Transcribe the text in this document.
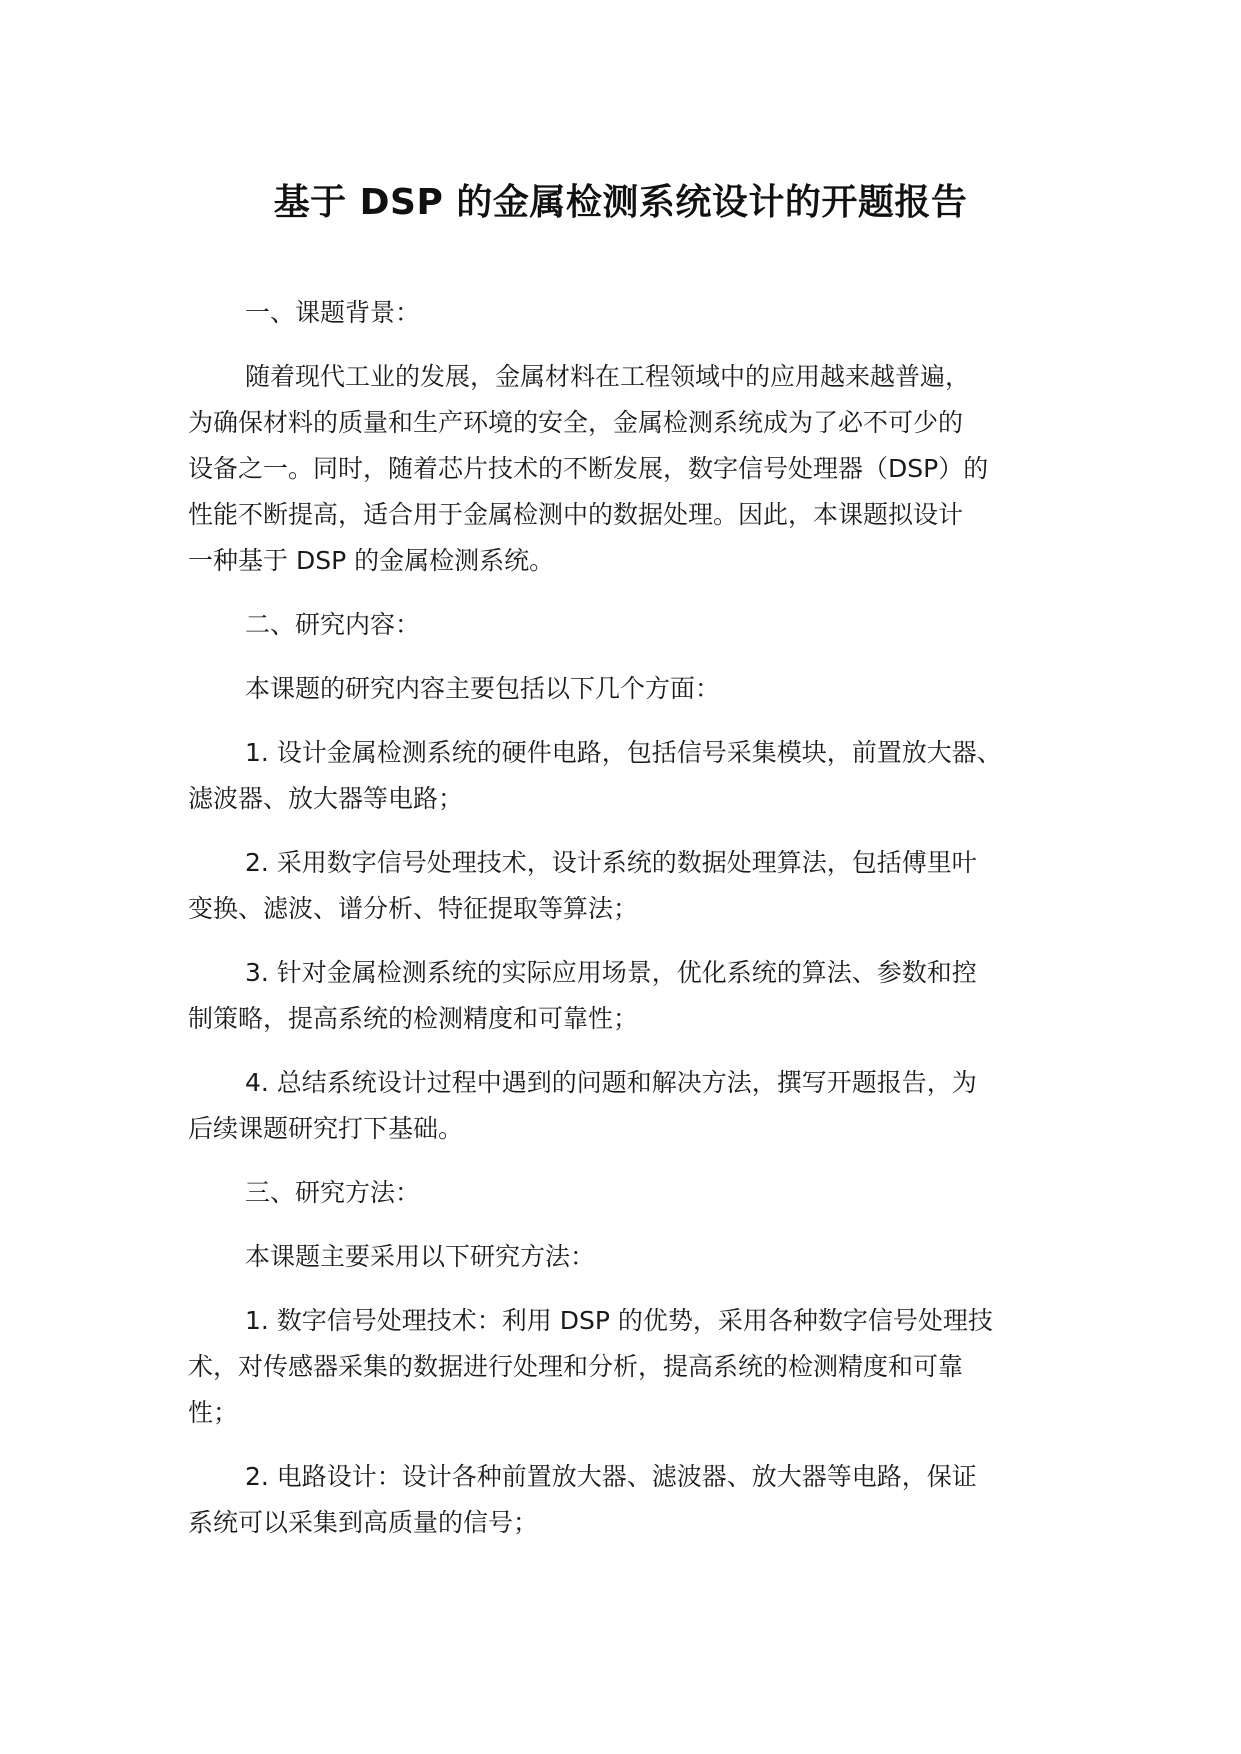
基于 DSP 的金属检测系统设计的开题报告
一、课题背景：
随着现代工业的发展，金属材料在工程领域中的应用越来越普遍，
为确保材料的质量和生产环境的安全，金属检测系统成为了必不可少的
设备之一。同时，随着芯片技术的不断发展，数字信号处理器（DSP）的
性能不断提高，适合用于金属检测中的数据处理。因此，本课题拟设计
一种基于 DSP 的金属检测系统。
二、研究内容：
本课题的研究内容主要包括以下几个方面：
1. 设计金属检测系统的硬件电路，包括信号采集模块，前置放大器、
滤波器、放大器等电路；
2. 采用数字信号处理技术，设计系统的数据处理算法，包括傅里叶
变换、滤波、谱分析、特征提取等算法；
3. 针对金属检测系统的实际应用场景，优化系统的算法、参数和控
制策略，提高系统的检测精度和可靠性；
4. 总结系统设计过程中遇到的问题和解决方法，撰写开题报告，为
后续课题研究打下基础。
三、研究方法：
本课题主要采用以下研究方法：
1. 数字信号处理技术：利用 DSP 的优势，采用各种数字信号处理技
术，对传感器采集的数据进行处理和分析，提高系统的检测精度和可靠
性；
2. 电路设计：设计各种前置放大器、滤波器、放大器等电路，保证
系统可以采集到高质量的信号；
